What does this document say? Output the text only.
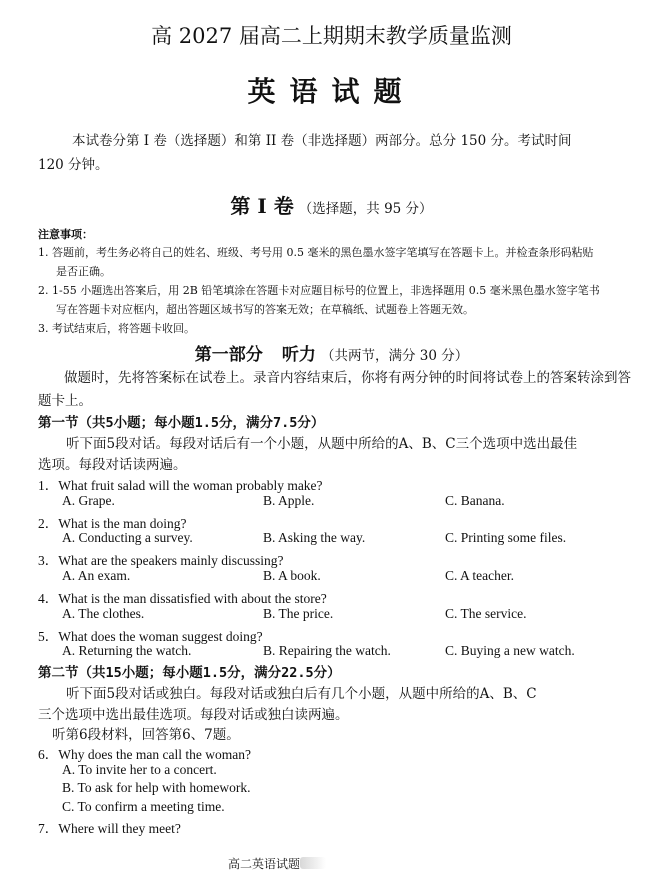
高 2027 届高二上期期末教学质量监测
英语试题
本试卷分第 I 卷（选择题）和第 II 卷（非选择题）两部分。总分 150 分。考试时间
120 分钟。
第 I 卷 （选择题，共 95 分）
注意事项：
1. 答题前，考生务必将自己的姓名、班级、考号用 0.5 毫米的黑色墨水签字笔填写在答题卡上。并检查条形码粘贴
是否正确。
2. 1-55 小题选出答案后，用 2B 铅笔填涂在答题卡对应题目标号的位置上，非选择题用 0.5 毫米黑色墨水签字笔书
写在答题卡对应框内，超出答题区域书写的答案无效；在草稿纸、试题卷上答题无效。
3. 考试结束后，将答题卡收回。
第一部分 听力 （共两节，满分 30 分）
做题时，先将答案标在试卷上。录音内容结束后，你将有两分钟的时间将试卷上的答案转涂到答
题卡上。
第一节（共5小题；每小题1.5分，满分7.5分）
听下面5段对话。每段对话后有一个小题，从题中所给的A、B、C三个选项中选出最佳
选项。每段对话读两遍。
1．What fruit salad will the woman probably make?
A. Grape.	B. Apple.	C. Banana.
2．What is the man doing?
A. Conducting a survey.	B. Asking the way.	C. Printing some files.
3．What are the speakers mainly discussing?
A. An exam.	B. A book.	C. A teacher.
4．What is the man dissatisfied with about the store?
A. The clothes.	B. The price.	C. The service.
5．What does the woman suggest doing?
A. Returning the watch.	B. Repairing the watch.	C. Buying a new watch.
第二节（共15小题；每小题1.5分，满分22.5分）
听下面5段对话或独白。每段对话或独白后有几个小题，从题中所给的A、B、C
三个选项中选出最佳选项。每段对话或独白读两遍。
听第6段材料，回答第6、7题。
6．Why does the man call the woman?
A. To invite her to a concert.
B. To ask for help with homework.
C. To confirm a meeting time.
7．Where will they meet?
高二英语试题
